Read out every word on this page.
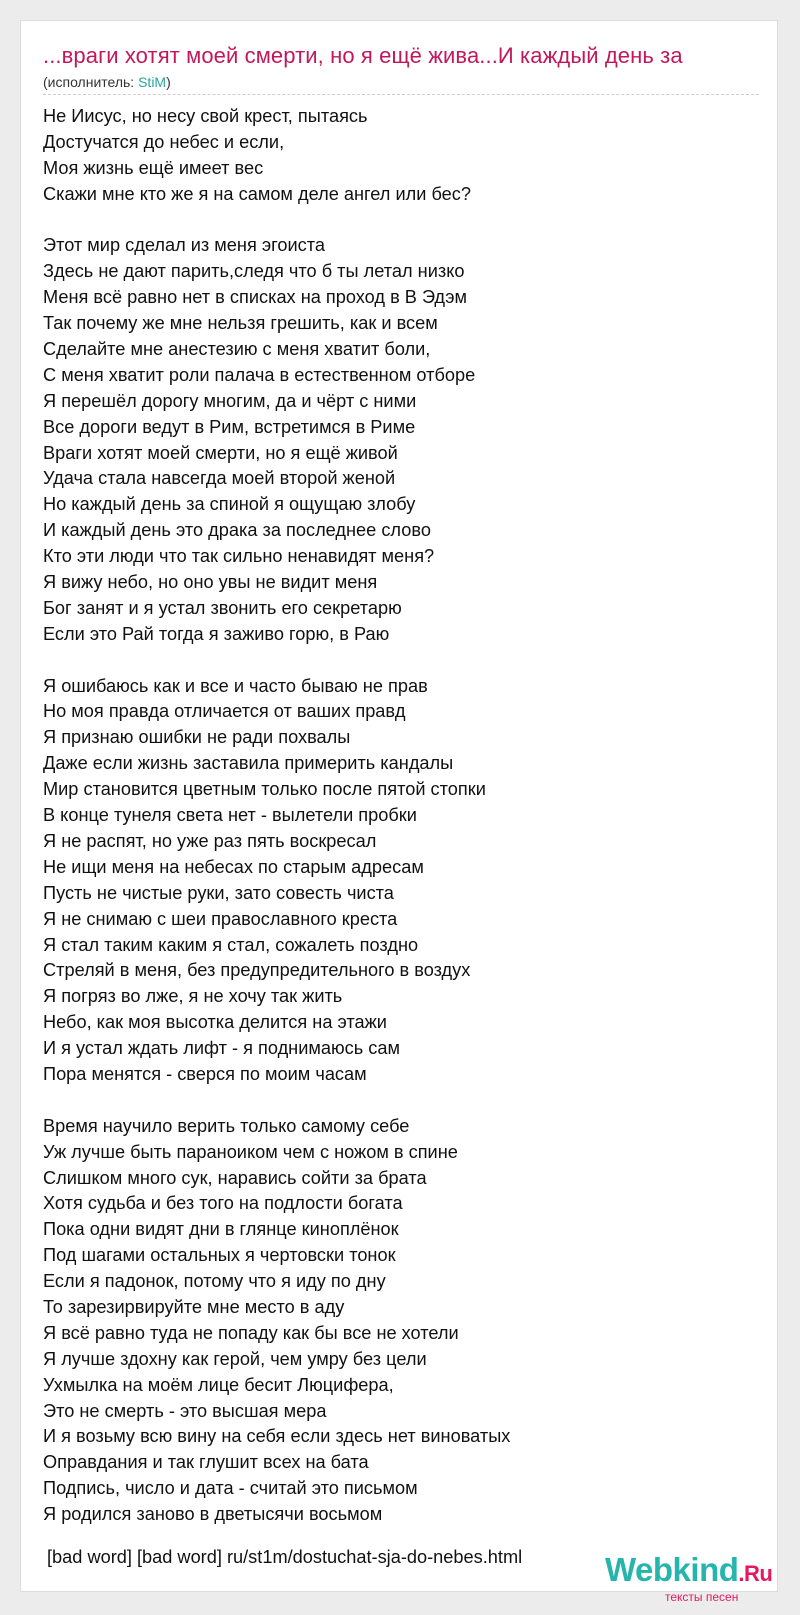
...враги хотят моей смерти, но я ещё жива...И каждый день за
(исполнитель: StiM)
Не Иисус, но несу свой крест, пытаясь
Достучатся до небес и если,
Моя жизнь ещё имеет вес
Скажи мне кто же я на самом деле ангел или бес?
Этот мир сделал из меня эгоиста
Здесь не дают парить,следя что б ты летал низко
Меня всё равно нет в списках на проход в В Эдэм
Так почему же мне нельзя грешить, как и всем
Сделайте мне анестезию с меня хватит боли,
С меня хватит роли палача в естественном отборе
Я перешёл дорогу многим, да и чёрт с ними
Все дороги ведут в Рим, встретимся в Риме
Враги хотят моей смерти, но я ещё живой
Удача стала навсегда моей второй женой
Но каждый день за спиной я ощущаю злобу
И каждый день это драка за последнее слово
Кто эти люди что так сильно ненавидят меня?
Я вижу небо, но оно увы не видит меня
Бог занят и я устал звонить его секретарю
Если это Рай тогда я заживо горю, в Раю
Я ошибаюсь как и все и часто бываю не прав
Но моя правда отличается от ваших правд
Я признаю ошибки не ради похвалы
Даже если жизнь заставила примерить кандалы
Мир становится цветным только после пятой стопки
В конце тунеля света нет - вылетели пробки
Я не распят, но уже раз пять воскресал
Не ищи меня на небесах по старым адресам
Пусть не чистые руки, зато совесть чиста
Я не снимаю с шеи православного креста
Я стал таким каким я стал, сожалеть поздно
Стреляй в меня, без предупредительного в воздух
Я погряз во лже, я не хочу так жить
Небо, как моя высотка делится на этажи
И я устал ждать лифт - я поднимаюсь сам
Пора менятся - сверся по моим часам
Время научило верить только самому себе
Уж лучше быть параноиком чем с ножом в спине
Слишком много сук, наравись сойти за брата
Хотя судьба и без того на подлости богата
Пока одни видят дни в глянце киноплёнок
Под шагами остальных я чертовски тонок
Если я падонок, потому что я иду по дну
То зарезирвируйте мне место в аду
Я всё равно туда не попаду как бы все не хотели
Я лучше здохну как герой, чем умру без цели
Ухмылка на моём лице бесит Люцифера,
Это не смерть - это высшая мера
И я возьму всю вину на себя если здесь нет виноватых
Оправдания и так глушит всех на бата
Подпись, число и дата - считай это письмом
Я родился заново в дветысячи восьмом
[bad word] [bad word] ru/st1m/dostuchat-sja-do-nebes.html	Webkind.Ru
тексты песен
